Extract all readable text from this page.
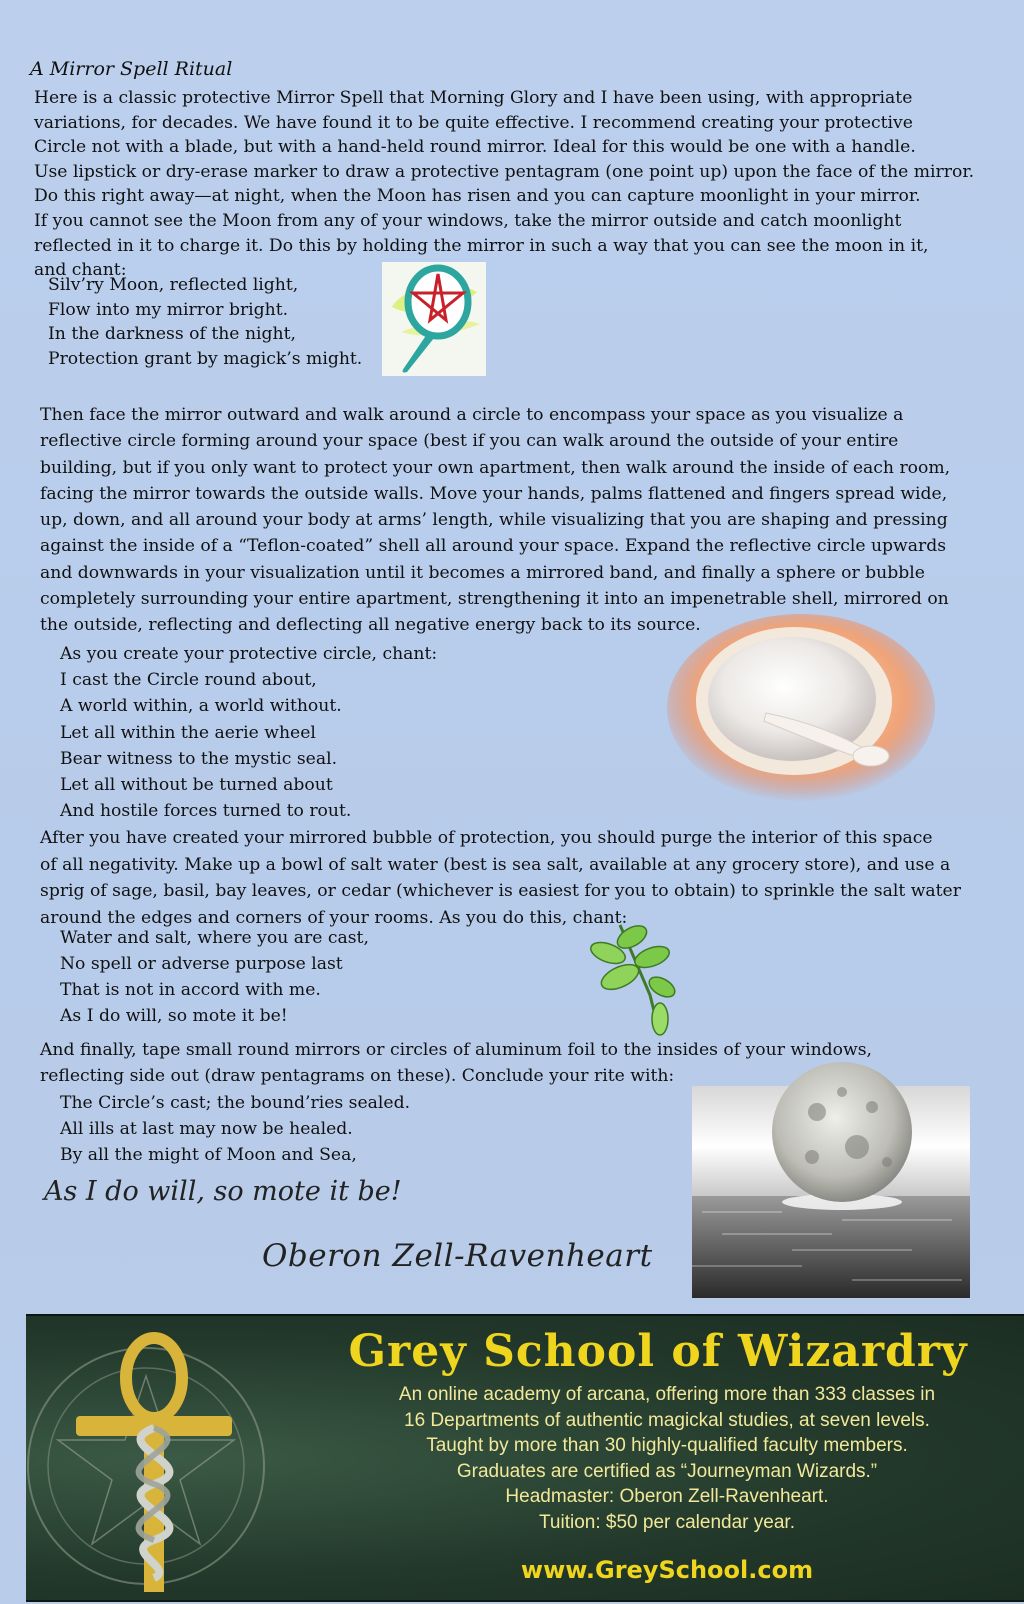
A Mirror Spell Ritual
Here is a classic protective Mirror Spell that Morning Glory and I have been using, with appropriate
variations, for decades. We have found it to be quite effective. I recommend creating your protective
Circle not with a blade, but with a hand-held round mirror. Ideal for this would be one with a handle.
Use lipstick or dry-erase marker to draw a protective pentagram (one point up) upon the face of the mirror.
Do this right away—at night, when the Moon has risen and you can capture moonlight in your mirror.
If you cannot see the Moon from any of your windows, take the mirror outside and catch moonlight
reflected in it to charge it. Do this by holding the mirror in such a way that you can see the moon in it,
and chant:
Silv’ry Moon, reflected light,
Flow into my mirror bright.
In the darkness of the night,
Protection grant by magick’s might.
Then face the mirror outward and walk around a circle to encompass your space as you visualize a
reflective circle forming around your space (best if you can walk around the outside of your entire
building, but if you only want to protect your own apartment, then walk around the inside of each room,
facing the mirror towards the outside walls. Move your hands, palms flattened and fingers spread wide,
up, down, and all around your body at arms’ length, while visualizing that you are shaping and pressing
against the inside of a “Teflon-coated” shell all around your space. Expand the reflective circle upwards
and downwards in your visualization until it becomes a mirrored band, and finally a sphere or bubble
completely surrounding your entire apartment, strengthening it into an impenetrable shell, mirrored on
the outside, reflecting and deflecting all negative energy back to its source.
As you create your protective circle, chant:
I cast the Circle round about,
A world within, a world without.
Let all within the aerie wheel
Bear witness to the mystic seal.
Let all without be turned about
And hostile forces turned to rout.
After you have created your mirrored bubble of protection, you should purge the interior of this space
of all negativity. Make up a bowl of salt water (best is sea salt, available at any grocery store), and use a
sprig of sage, basil, bay leaves, or cedar (whichever is easiest for you to obtain) to sprinkle the salt water
around the edges and corners of your rooms. As you do this, chant:
Water and salt, where you are cast,
No spell or adverse purpose last
That is not in accord with me.
As I do will, so mote it be!
And finally, tape small round mirrors or circles of aluminum foil to the insides of your windows,
reflecting side out (draw pentagrams on these). Conclude your rite with:
The Circle’s cast; the bound’ries sealed.
All ills at last may now be healed.
By all the might of Moon and Sea,
As I do will, so mote it be!
Oberon Zell-Ravenheart
Grey School of Wizardry
An online academy of arcana, offering more than 333 classes in
16 Departments of authentic magickal studies, at seven levels.
Taught by more than 30 highly-qualified faculty members.
Graduates are certified as “Journeyman Wizards.”
Headmaster: Oberon Zell-Ravenheart.
Tuition: $50 per calendar year.
www.GreySchool.com
